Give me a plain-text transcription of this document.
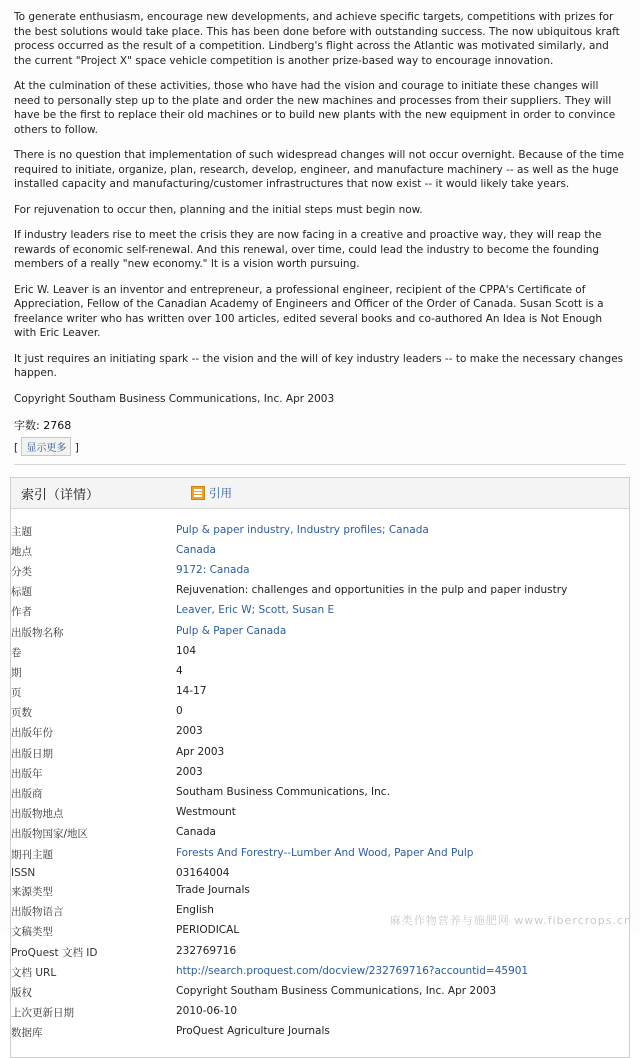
To generate enthusiasm, encourage new developments, and achieve specific targets, competitions with prizes for the best solutions would take place. This has been done before with outstanding success. The now ubiquitous kraft process occurred as the result of a competition. Lindberg's flight across the Atlantic was motivated similarly, and the current "Project X" space vehicle competition is another prize-based way to encourage innovation.

At the culmination of these activities, those who have had the vision and courage to initiate these changes will need to personally step up to the plate and order the new machines and processes from their suppliers. They will have be the first to replace their old machines or to build new plants with the new equipment in order to convince others to follow.

There is no question that implementation of such widespread changes will not occur overnight. Because of the time required to initiate, organize, plan, research, develop, engineer, and manufacture machinery -- as well as the huge installed capacity and manufacturing/customer infrastructures that now exist -- it would likely take years.

For rejuvenation to occur then, planning and the initial steps must begin now.

If industry leaders rise to meet the crisis they are now facing in a creative and proactive way, they will reap the rewards of economic self-renewal. And this renewal, over time, could lead the industry to become the founding members of a really "new economy." It is a vision worth pursuing.

Eric W. Leaver is an inventor and entrepreneur, a professional engineer, recipient of the CPPA's Certificate of Appreciation, Fellow of the Canadian Academy of Engineers and Officer of the Order of Canada. Susan Scott is a freelance writer who has written over 100 articles, edited several books and co-authored An Idea is Not Enough with Eric Leaver.

It just requires an initiating spark -- the vision and the will of key industry leaders -- to make the necessary changes happen.

Copyright Southam Business Communications, Inc. Apr 2003

字数: 2768
[ 显示更多 ]
索引（详情）	引用
主题	Pulp & paper industry, Industry profiles; Canada
地点	Canada
分类	9172: Canada
标题	Rejuvenation: challenges and opportunities in the pulp and paper industry
作者	Leaver, Eric W; Scott, Susan E
出版物名称	Pulp & Paper Canada
卷	104
期	4
页	14-17
页数	0
出版年份	2003
出版日期	Apr 2003
出版年	2003
出版商	Southam Business Communications, Inc.
出版物地点	Westmount
出版物国家/地区	Canada
期刊主题	Forests And Forestry--Lumber And Wood, Paper And Pulp
ISSN	03164004
来源类型	Trade Journals
出版物语言	English
文稿类型	PERIODICAL
ProQuest 文档 ID	232769716
文档 URL	http://search.proquest.com/docview/232769716?accountid=45901
版权	Copyright Southam Business Communications, Inc. Apr 2003
上次更新日期	2010-06-10
数据库	ProQuest Agriculture Journals
麻类作物营养与施肥网 www.fibercrops.cn
